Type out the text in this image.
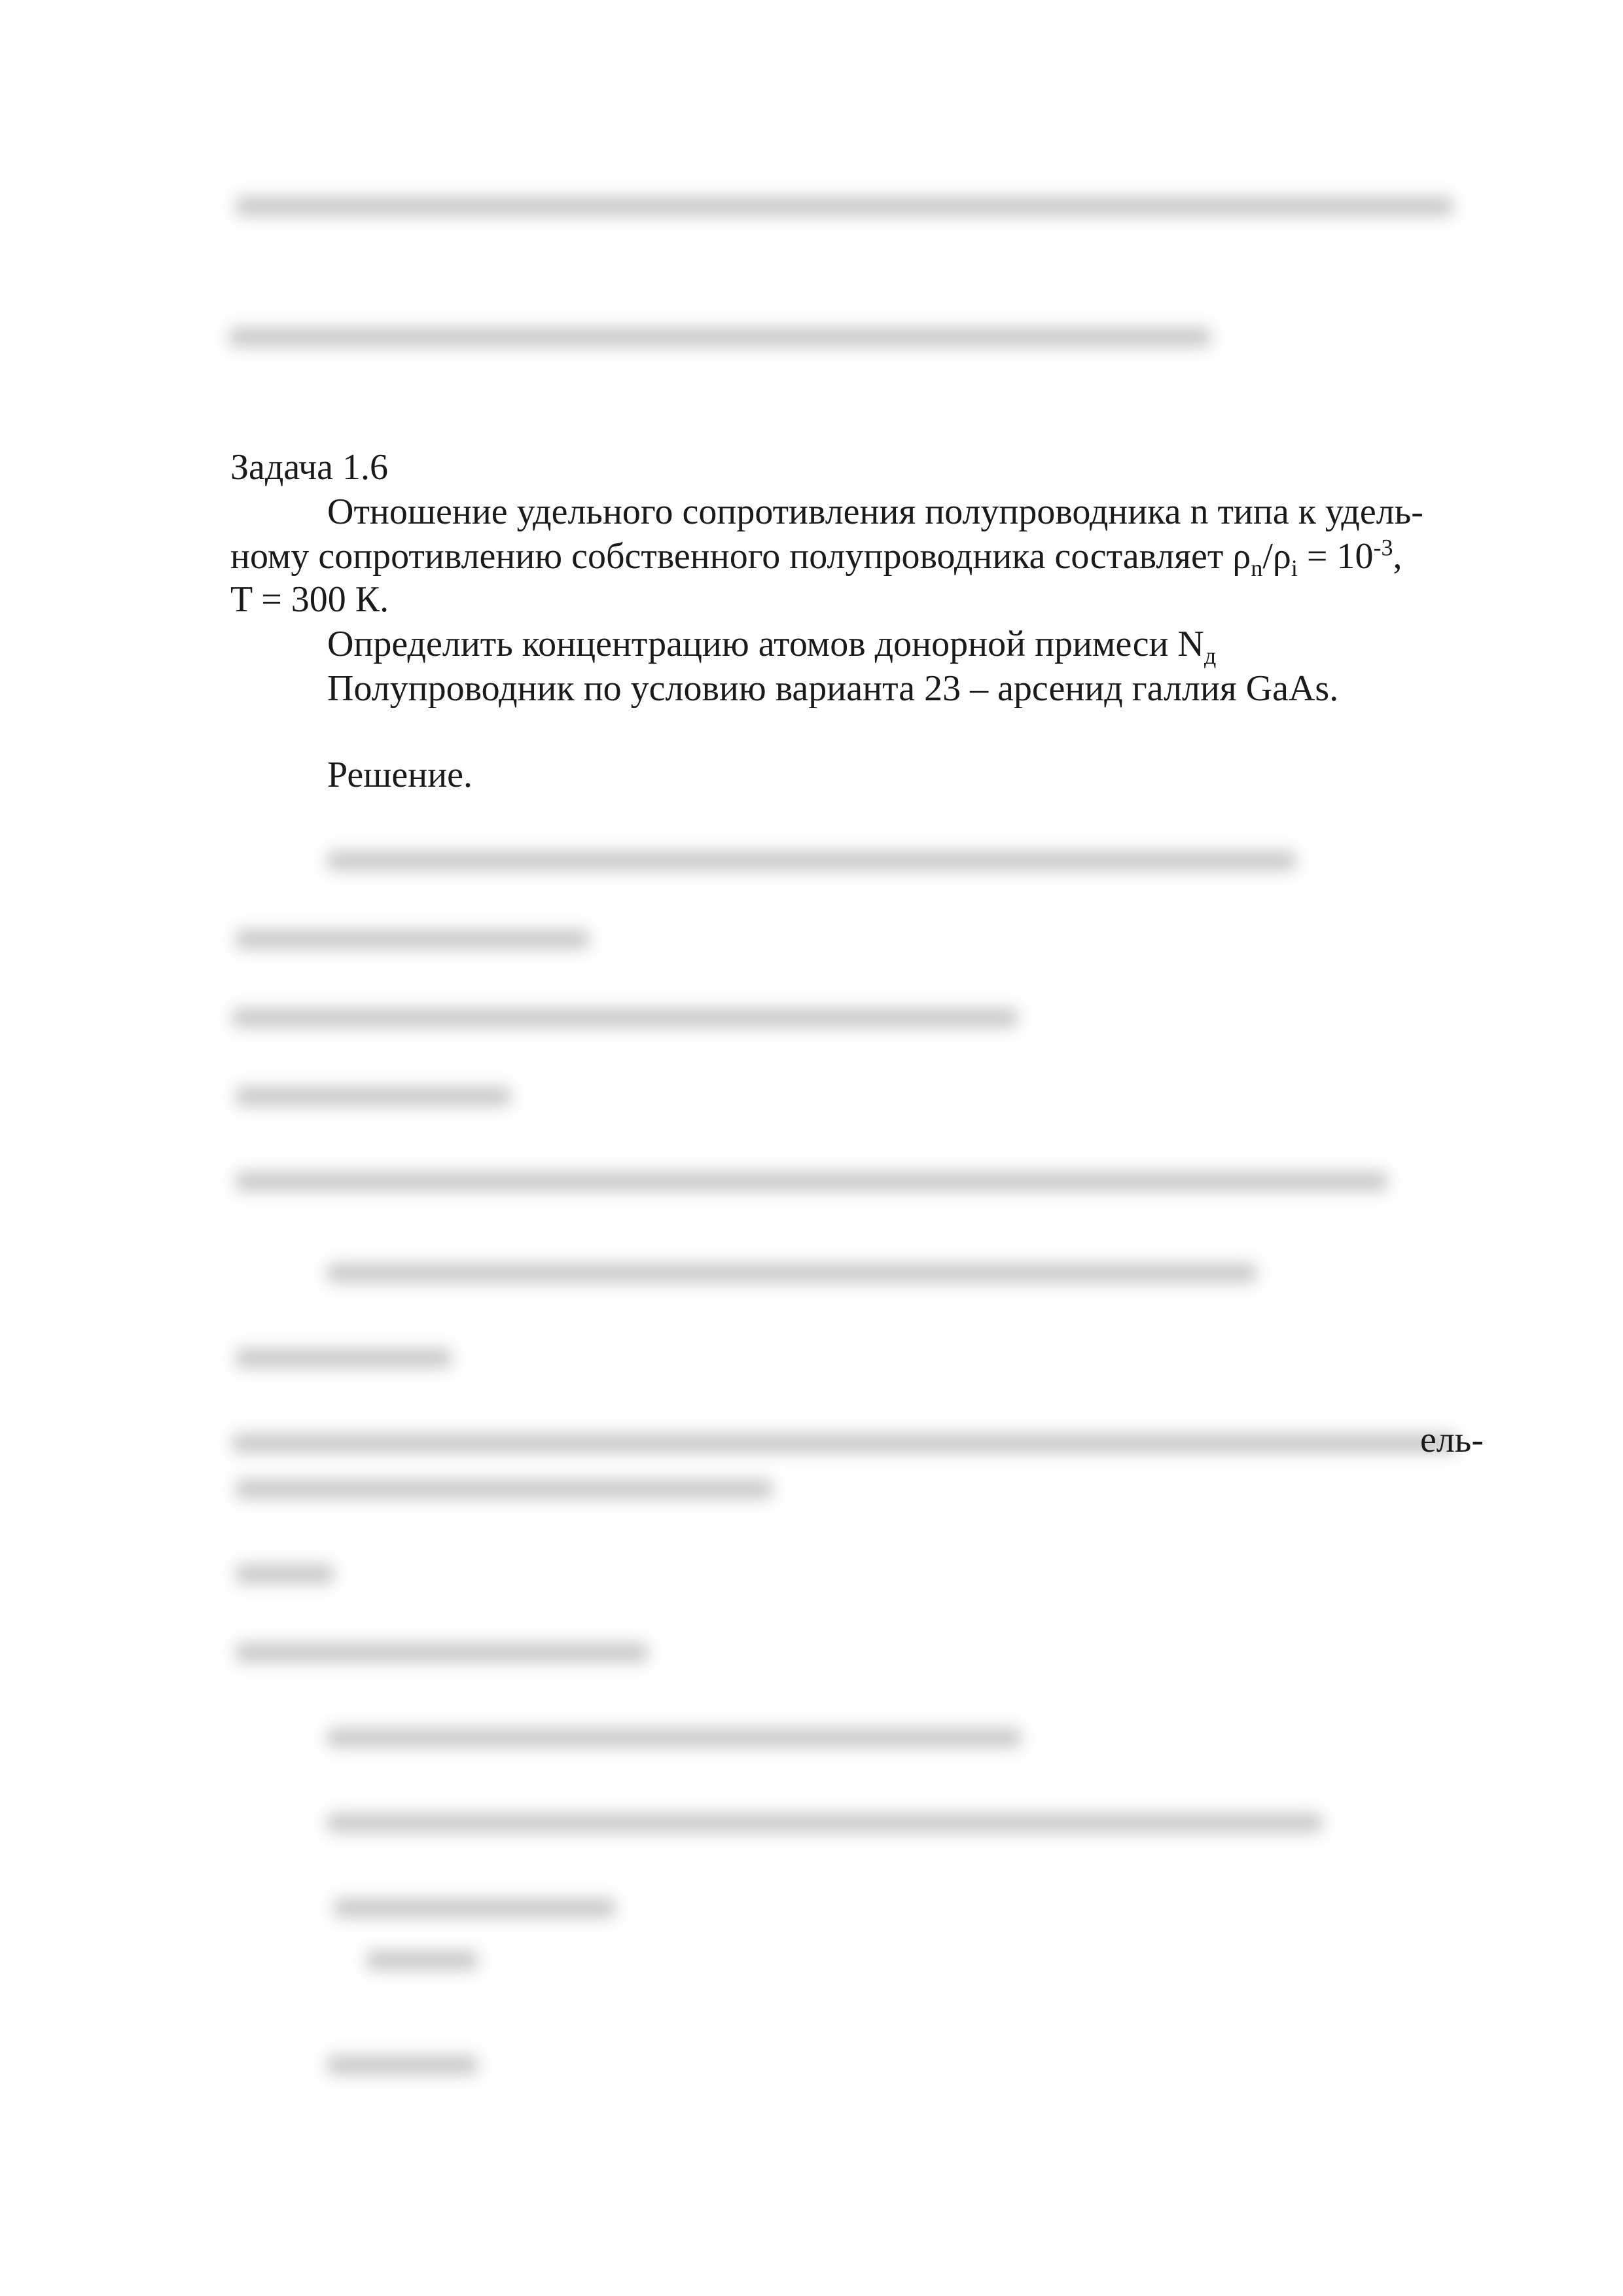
Задача 1.6
Отношение удельного сопротивления полупроводника n типа к удель-
ному сопротивлению собственного полупроводника составляет $\rho_n/\rho_i = 10^{-3}$,
T = 300 К.
Определить концентрацию атомов донорной примеси $N_д$
Полупроводник по условию варианта 23 – арсенид галлия GaAs.
Решение.
ель-
